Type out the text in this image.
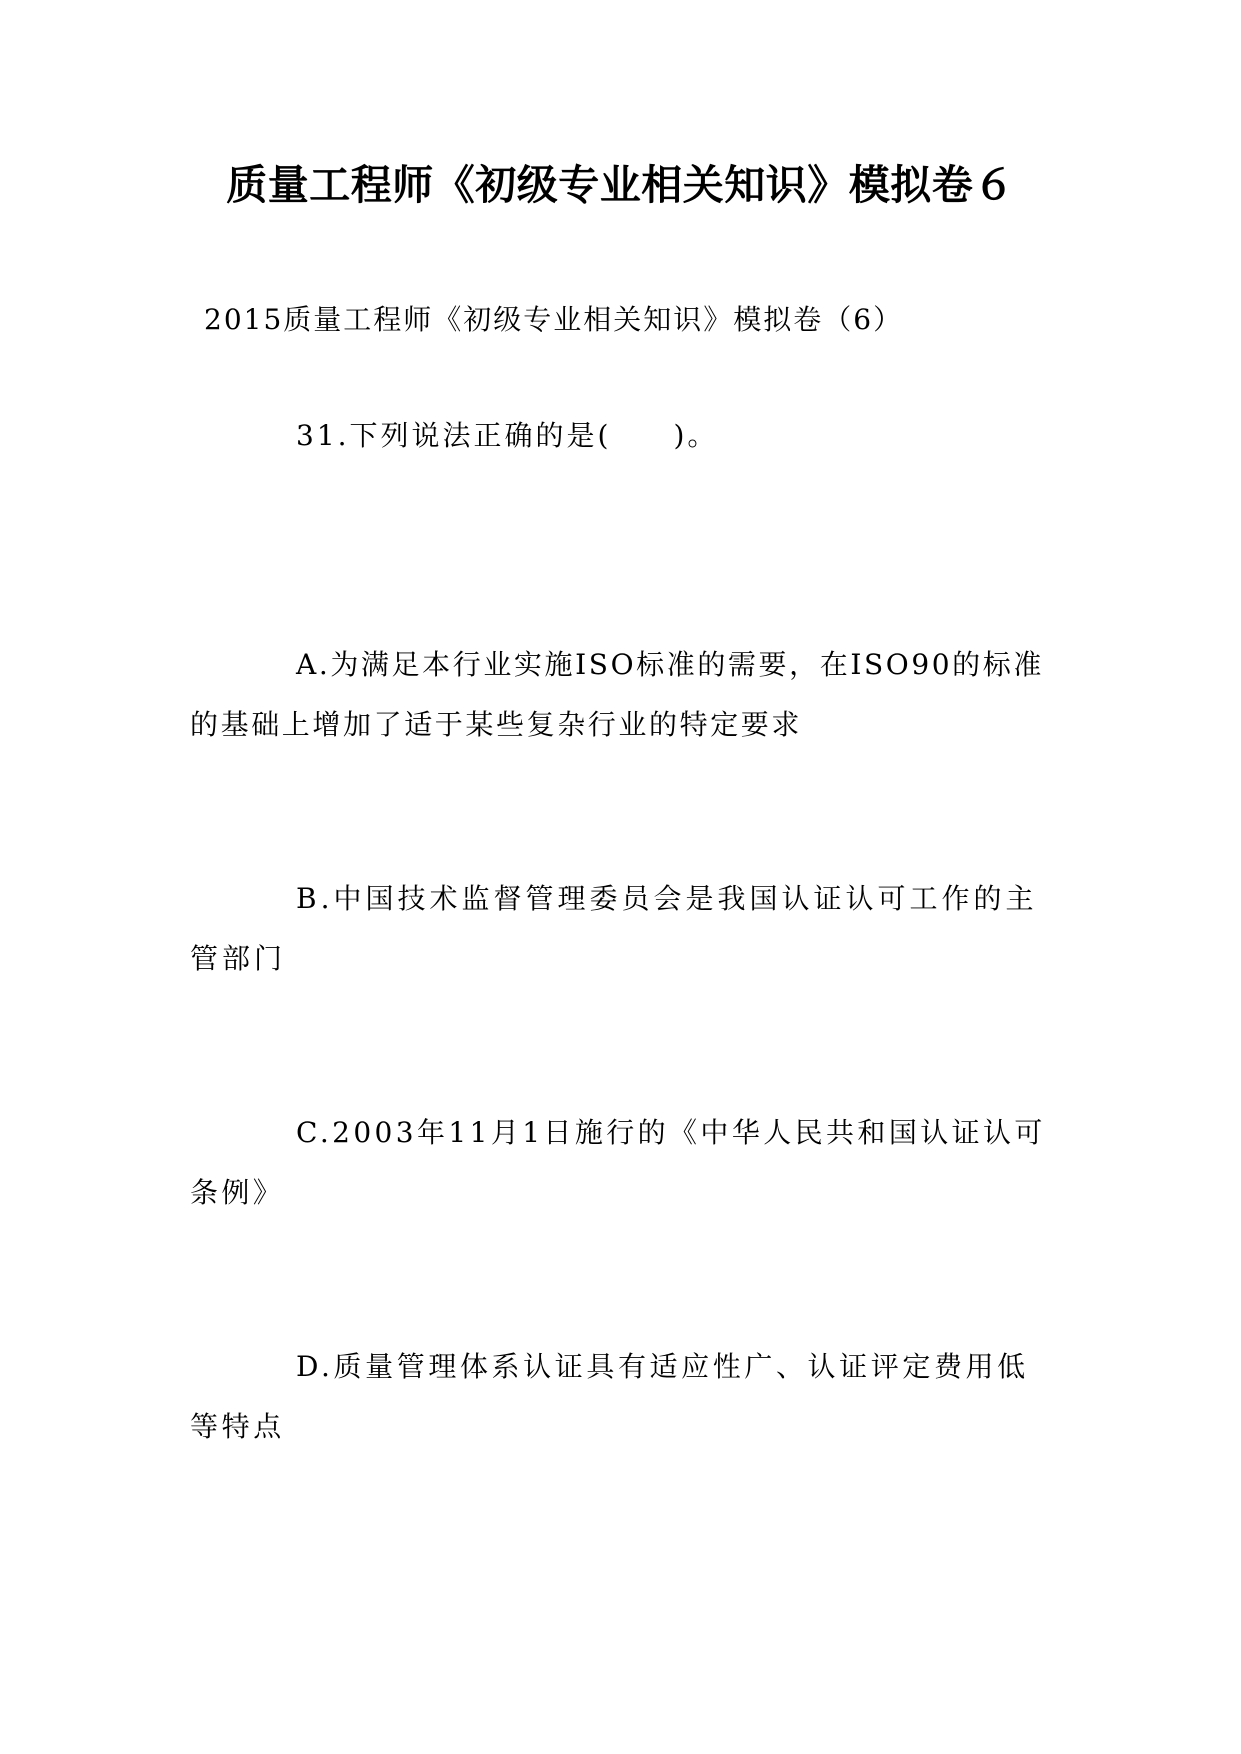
质量工程师《初级专业相关知识》模拟卷６
2015质量工程师《初级专业相关知识》模拟卷（6）
31.下列说法正确的是(　　)。

A.为满足本行业实施ISO标准的需要，在ISO90的标准的基础上增加了适于某些复杂行业的特定要求

B.中国技术监督管理委员会是我国认证认可工作的主管部门

C.2003年11月1日施行的《中华人民共和国认证认可条例》

D.质量管理体系认证具有适应性广、认证评定费用低等特点
